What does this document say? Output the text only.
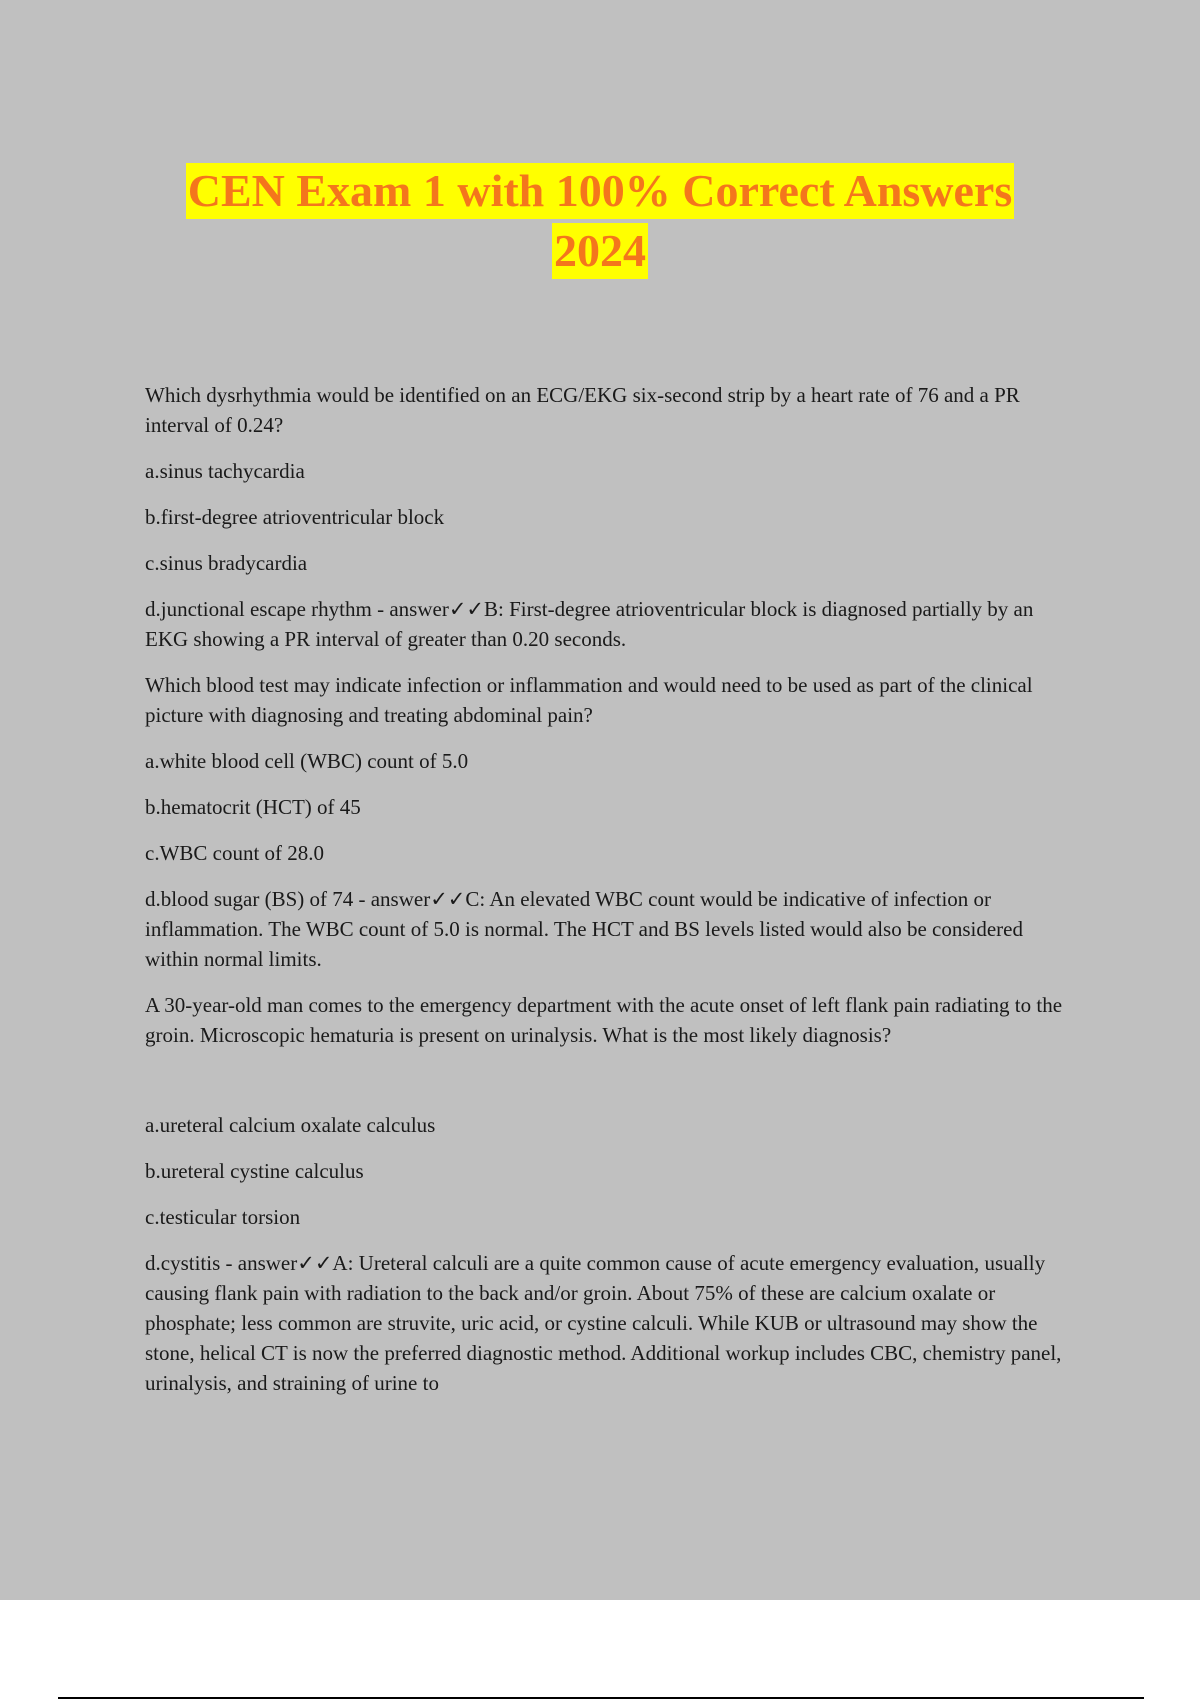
CEN Exam 1 with 100% Correct Answers
2024

Which dysrhythmia would be identified on an ECG/EKG six-second strip by a heart rate of 76 and a PR interval of 0.24?

a.sinus tachycardia

b.first-degree atrioventricular block

c.sinus bradycardia

d.junctional escape rhythm - answer✓✓B: First-degree atrioventricular block is diagnosed partially by an EKG showing a PR interval of greater than 0.20 seconds.

Which blood test may indicate infection or inflammation and would need to be used as part of the clinical picture with diagnosing and treating abdominal pain?

a.white blood cell (WBC) count of 5.0

b.hematocrit (HCT) of 45

c.WBC count of 28.0

d.blood sugar (BS) of 74 - answer✓✓C: An elevated WBC count would be indicative of infection or inflammation. The WBC count of 5.0 is normal. The HCT and BS levels listed would also be considered within normal limits.

A 30-year-old man comes to the emergency department with the acute onset of left flank pain radiating to the groin. Microscopic hematuria is present on urinalysis. What is the most likely diagnosis?

a.ureteral calcium oxalate calculus

b.ureteral cystine calculus

c.testicular torsion

d.cystitis - answer✓✓A: Ureteral calculi are a quite common cause of acute emergency evaluation, usually causing flank pain with radiation to the back and/or groin. About 75% of these are calcium oxalate or phosphate; less common are struvite, uric acid, or cystine calculi. While KUB or ultrasound may show the stone, helical CT is now the preferred diagnostic method. Additional workup includes CBC, chemistry panel, urinalysis, and straining of urine to
